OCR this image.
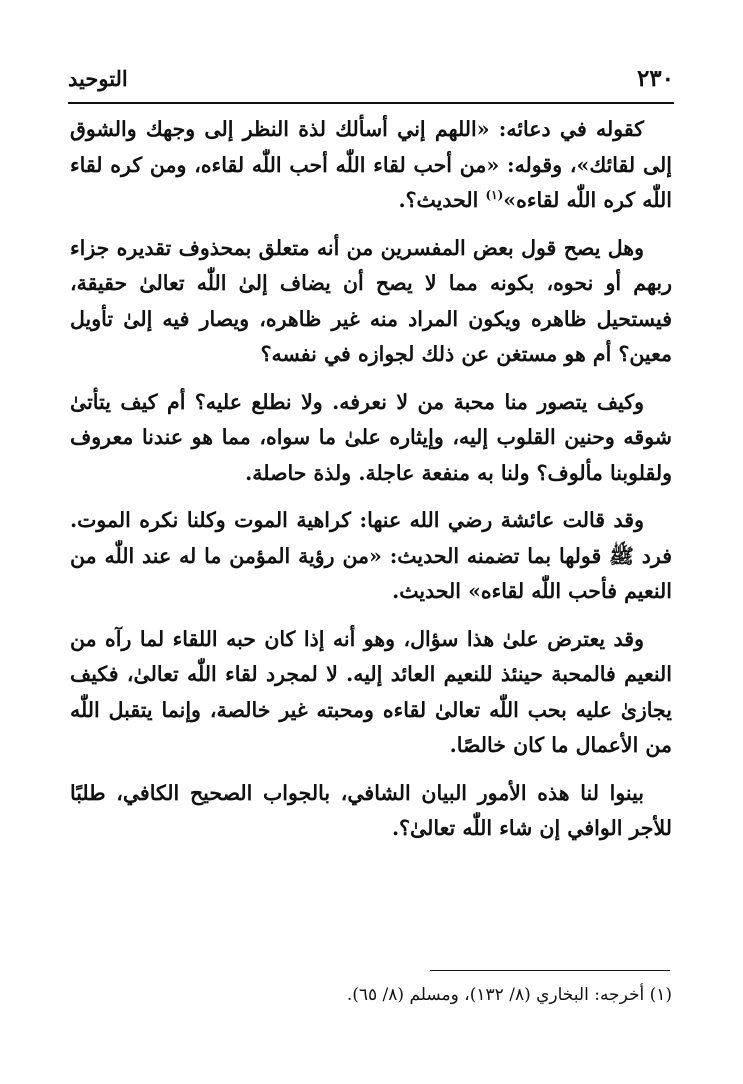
٢٣٠
التوحيد

كقوله في دعائه: «اللهم إني أسألك لذة النظر إلى وجهك والشوق إلى لقائك»، وقوله: «من أحب لقاء اللّٰه أحب اللّٰه لقاءه، ومن كره لقاء اللّٰه كره اللّٰه لقاءه»$^{(١)}$ الحديث؟.

وهل يصح قول بعض المفسرين من أنه متعلق بمحذوف تقديره جزاء ربهم أو نحوه، بكونه مما لا يصح أن يضاف إلىٰ اللّٰه تعالىٰ حقيقة، فيستحيل ظاهره ويكون المراد منه غير ظاهره، ويصار فيه إلىٰ تأويل معين؟ أم هو مستغن عن ذلك لجوازه في نفسه؟

وكيف يتصور منا محبة من لا نعرفه. ولا نطلع عليه؟ أم كيف يتأتىٰ شوقه وحنين القلوب إليه، وإيثاره علىٰ ما سواه، مما هو عندنا معروف ولقلوبنا مألوف؟ ولنا به منفعة عاجلة. ولذة حاصلة.

وقد قالت عائشة رضي الله عنها: كراهية الموت وكلنا نكره الموت. فرد ﷺ قولها بما تضمنه الحديث: «من رؤية المؤمن ما له عند اللّٰه من النعيم فأحب اللّٰه لقاءه» الحديث.

وقد يعترض علىٰ هذا سؤال، وهو أنه إذا كان حبه اللقاء لما رآه من النعيم فالمحبة حينئذ للنعيم العائد إليه. لا لمجرد لقاء اللّٰه تعالىٰ، فكيف يجازىٰ عليه بحب اللّٰه تعالىٰ لقاءه ومحبته غير خالصة، وإنما يتقبل اللّٰه من الأعمال ما كان خالصًا.

بينوا لنا هذه الأمور البيان الشافي، بالجواب الصحيح الكافي، طلبًا للأجر الوافي إن شاء اللّٰه تعالىٰ؟.

(١) أخرجه: البخاري (٨/ ١٣٢)، ومسلم (٨/ ٦٥).
